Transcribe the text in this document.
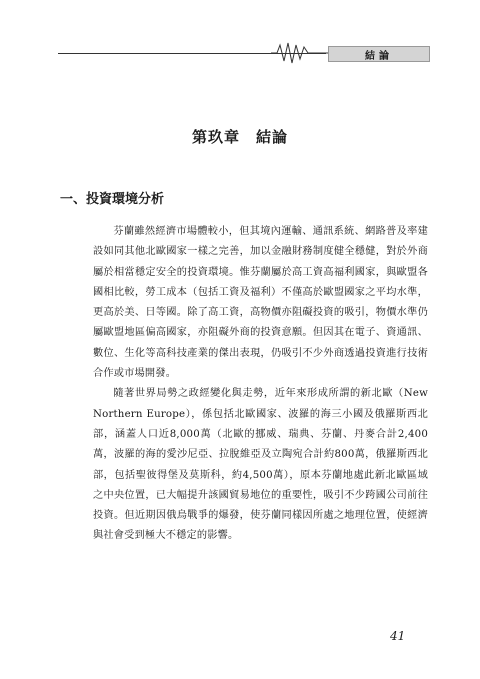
結論
第玖章　結論
一、投資環境分析

芬蘭雖然經濟市場體較小，但其境內運輸、通訊系統、網路普及率建設如同其他北歐國家一樣之完善，加以金融財務制度健全穩健，對於外商屬於相當穩定安全的投資環境。惟芬蘭屬於高工資高福利國家，與歐盟各國相比較，勞工成本（包括工資及福利）不僅高於歐盟國家之平均水準，更高於美、日等國。除了高工資，高物價亦阻礙投資的吸引，物價水準仍屬歐盟地區偏高國家，亦阻礙外商的投資意願。但因其在電子、資通訊、數位、生化等高科技產業的傑出表現，仍吸引不少外商透過投資進行技術合作或市場開發。

隨著世界局勢之政經變化與走勢，近年來形成所謂的新北歐（New Northern Europe），係包括北歐國家、波羅的海三小國及俄羅斯西北部，涵蓋人口近8,000萬（北歐的挪威、瑞典、芬蘭、丹麥合計2,400萬，波羅的海的愛沙尼亞、拉脫維亞及立陶宛合計約800萬，俄羅斯西北部，包括聖彼得堡及莫斯科，約4,500萬），原本芬蘭地處此新北歐區域之中央位置，已大幅提升該國貿易地位的重要性，吸引不少跨國公司前往投資。但近期因俄烏戰爭的爆發，使芬蘭同樣因所處之地理位置，使經濟與社會受到極大不穩定的影響。

41
